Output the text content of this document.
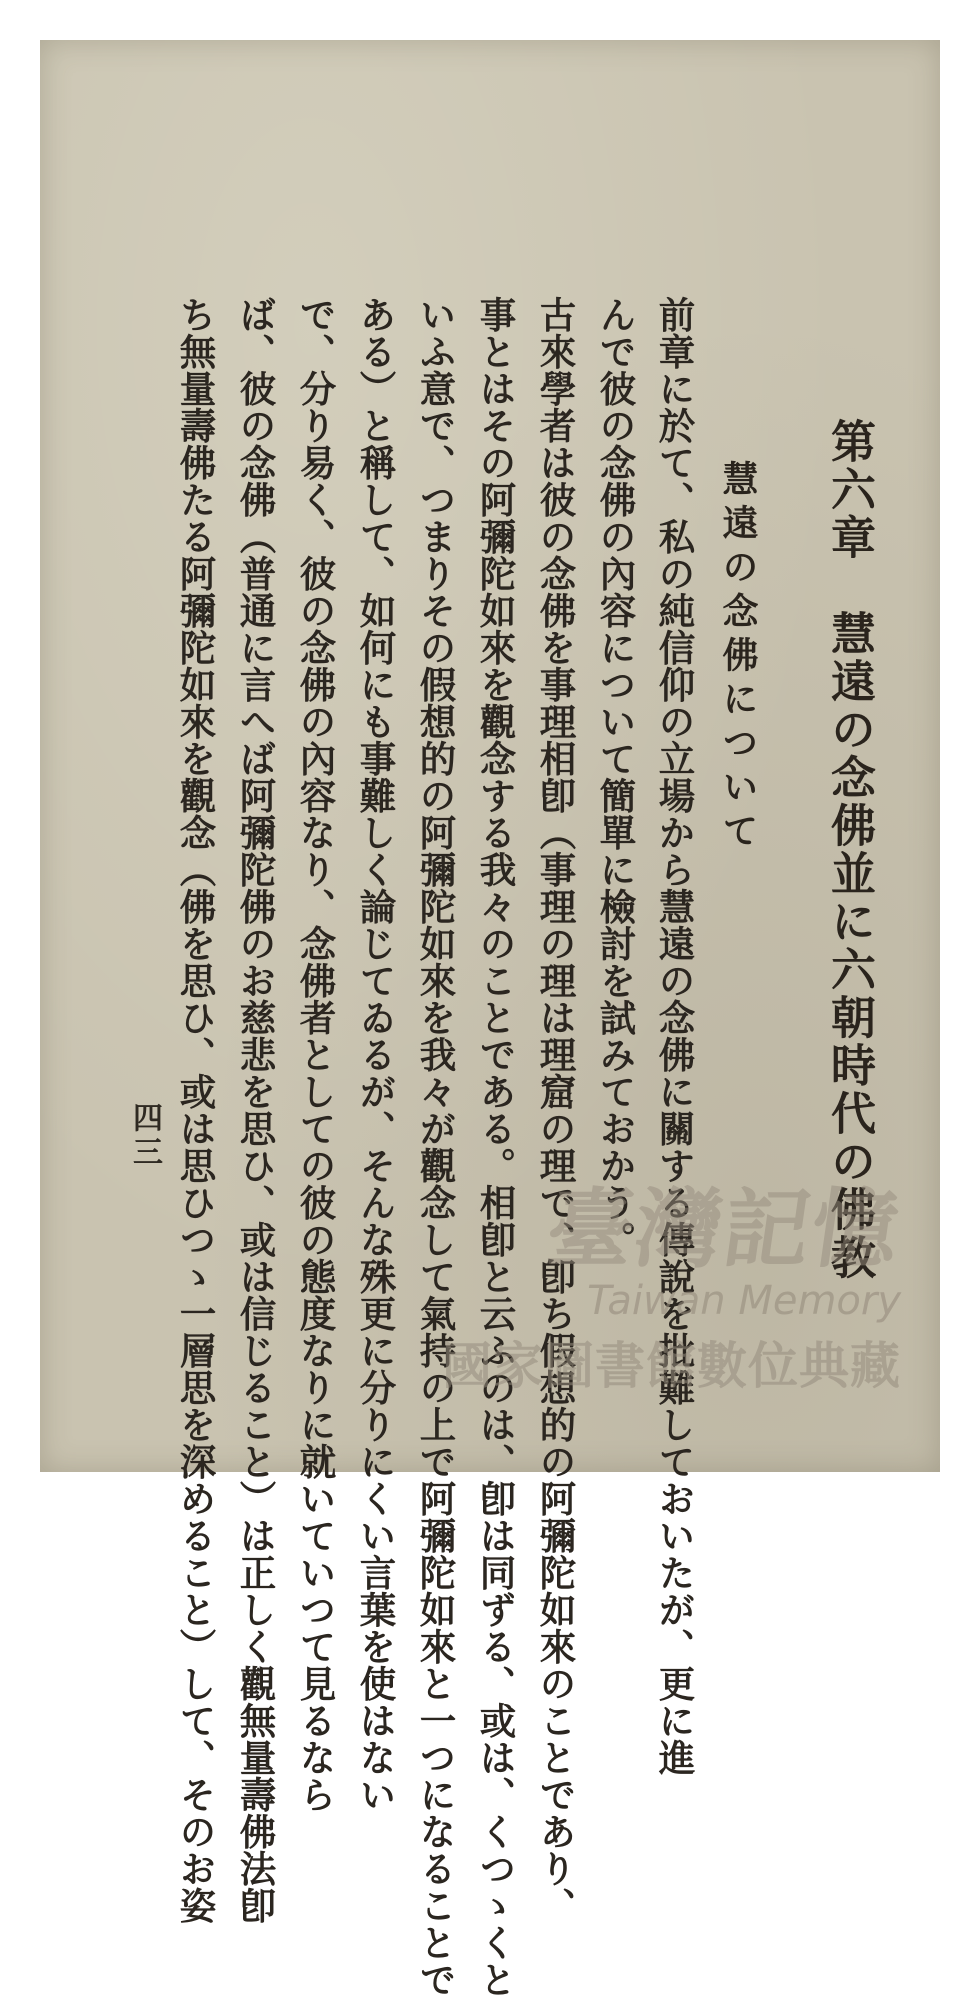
第六章　慧遠の念佛並に六朝時代の佛教
慧遠の念佛について
前章に於て、私の純信仰の立場から慧遠の念佛に關する傳說を批難しておいたが、更に進
んで彼の念佛の內容について簡單に檢討を試みておかう。
古來學者は彼の念佛を事理相卽（事理の理は理窟の理で、卽ち假想的の阿彌陀如來のことであり、
事とはその阿彌陀如來を觀念する我々のことである。相卽と云ふのは、卽は同ずる、或は、くつゝくと
いふ意で、つまりその假想的の阿彌陀如來を我々が觀念して氣持の上で阿彌陀如來と一つになることで
ある）と稱して、如何にも事難しく論じてゐるが、そんな殊更に分りにくい言葉を使はない
で、分り易く、彼の念佛の內容なり、念佛者としての彼の態度なりに就いていつて見るなら
ば、彼の念佛（普通に言へば阿彌陀佛のお慈悲を思ひ、或は信じること）は正しく觀無量壽佛法卽
ち無量壽佛たる阿彌陀如來を觀念（佛を思ひ、或は思ひつゝ一層思を深めること）して、そのお姿
四三
臺灣記憶
Taiwan Memory
國家圖書館數位典藏
